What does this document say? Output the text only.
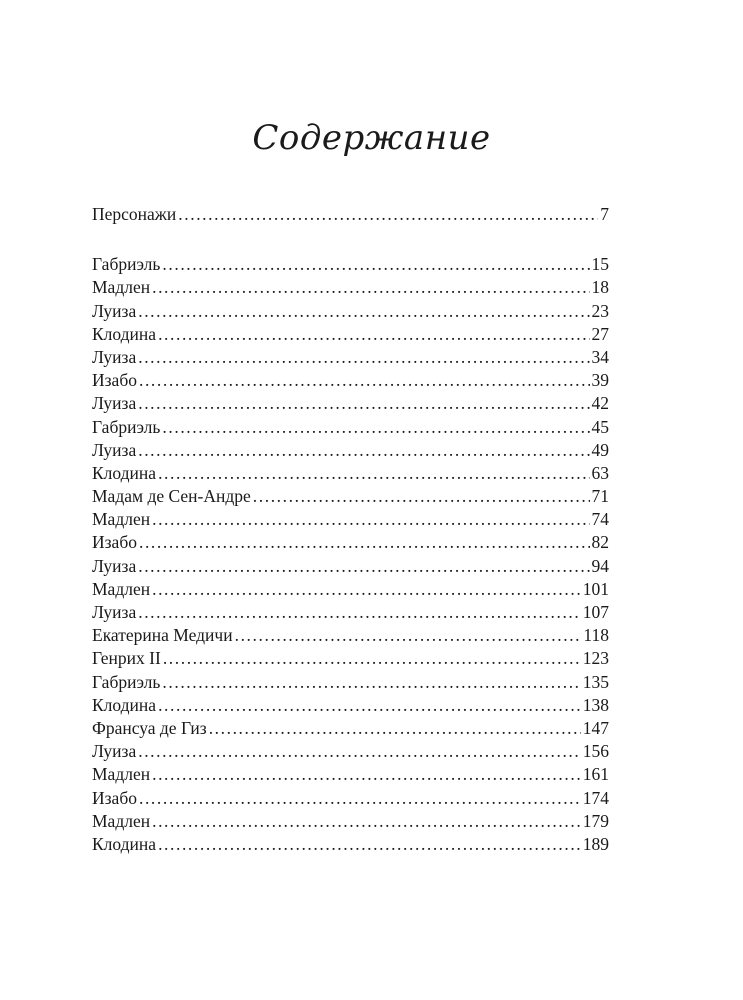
Содержание
Персонажи .....	7
Габриэль .....	15
Мадлен .....	18
Луиза .....	23
Клодина .....	27
Луиза .....	34
Изабо .....	39
Луиза .....	42
Габриэль .....	45
Луиза .....	49
Клодина .....	63
Мадам де Сен-Андре .....	71
Мадлен .....	74
Изабо .....	82
Луиза .....	94
Мадлен .....	101
Луиза .....	107
Екатерина Медичи .....	118
Генрих II .....	123
Габриэль .....	135
Клодина .....	138
Франсуа де Гиз .....	147
Луиза .....	156
Мадлен .....	161
Изабо .....	174
Мадлен .....	179
Клодина .....	189
